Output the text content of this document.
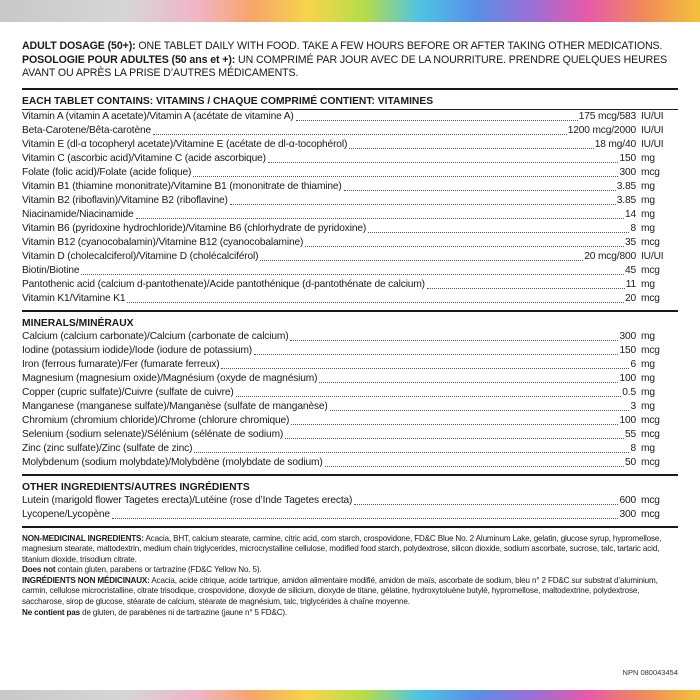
ADULT DOSAGE (50+): ONE TABLET DAILY WITH FOOD. TAKE A FEW HOURS BEFORE OR AFTER TAKING OTHER MEDICATIONS.
POSOLOGIE POUR ADULTES (50 ans et +): UN COMPRIMÉ PAR JOUR AVEC DE LA NOURRITURE. PRENDRE QUELQUES HEURES AVANT OU APRÈS LA PRISE D’AUTRES MÉDICAMENTS.
EACH TABLET CONTAINS: VITAMINS / CHAQUE COMPRIMÉ CONTIENT: VITAMINES
Vitamin A (vitamin A acetate)/Vitamin A (acétate de vitamine A)	175 mcg/583 IU/UI
Beta-Carotene/Bêta-carotène	1200 mcg/2000 IU/UI
Vitamin E (dl-α tocopheryl acetate)/Vitamine E (acétate de dl-α-tocophérol)	18 mg/40 IU/UI
Vitamin C (ascorbic acid)/Vitamine C (acide ascorbique)	150 mg
Folate (folic acid)/Folate (acide folique)	300 mcg
Vitamin B1 (thiamine mononitrate)/Vitamine B1 (mononitrate de thiamine)	3.85 mg
Vitamin B2 (riboflavin)/Vitamine B2 (riboflavine)	3.85 mg
Niacinamide/Niacinamide	14 mg
Vitamin B6 (pyridoxine hydrochloride)/Vitamine B6 (chlorhydrate de pyridoxine)	8 mg
Vitamin B12 (cyanocobalamin)/Vitamine B12 (cyanocobalamine)	35 mcg
Vitamin D (cholecalciferol)/Vitamine D (cholécalciférol)	20 mcg/800 IU/UI
Biotin/Biotine	45 mcg
Pantothenic acid (calcium d-pantothenate)/Acide pantothénique (d-pantothénate de calcium)	11 mg
Vitamin K1/Vitamine K1	20 mcg
MINERALS/MINÉRAUX
Calcium (calcium carbonate)/Calcium (carbonate de calcium)	300 mg
Iodine (potassium iodide)/Iode (iodure de potassium)	150 mcg
Iron (ferrous fumarate)/Fer (fumarate ferreux)	6 mg
Magnesium (magnesium oxide)/Magnésium (oxyde de magnésium)	100 mg
Copper (cupric sulfate)/Cuivre (sulfate de cuivre)	0.5 mg
Manganese (manganese sulfate)/Manganèse (sulfate de manganèse)	3 mg
Chromium (chromium chloride)/Chrome (chlorure chromique)	100 mcg
Selenium (sodium selenate)/Sélénium (sélénate de sodium)	55 mcg
Zinc (zinc sulfate)/Zinc (sulfate de zinc)	8 mg
Molybdenum (sodium molybdate)/Molybdène (molybdate de sodium)	50 mcg
OTHER INGREDIENTS/AUTRES INGRÉDIENTS
Lutein (marigold flower Tagetes erecta)/Lutéine (rose d’Inde Tagetes erecta)	600 mcg
Lycopene/Lycopène	300 mcg
NON-MEDICINAL INGREDIENTS: Acacia, BHT, calcium stearate, carmine, citric acid, corn starch, crospovidone, FD&C Blue No. 2 Aluminum Lake, gelatin, glucose syrup, hypromellose, magnesium stearate, maltodextrin, medium chain triglycerides, microcrystalline cellulose, modified food starch, polydextrose, silicon dioxide, sodium ascorbate, sucrose, talc, tartaric acid, titanium dioxide, trisodium citrate.
Does not contain gluten, parabens or tartrazine (FD&C Yellow No. 5).
INGRÉDIENTS NON MÉDICINAUX: Acacia, acide citrique, acide tartrique, amidon alimentaire modifié, amidon de maïs, ascorbate de sodium, bleu n° 2 FD&C sur substrat d’aluminium, carmin, cellulose microcristalline, citrate trisodique, crospovidone, dioxyde de silicium, dioxyde de titane, gélatine, hydroxytoluène butylé, hypromellose, maltodextrine, polydextrose, saccharose, sirop de glucose, stéarate de calcium, stéarate de magnésium, talc, triglycérides à chaîne moyenne.
Ne contient pas de gluten, de parabènes ni de tartrazine (jaune n° 5 FD&C).
NPN 080043454
